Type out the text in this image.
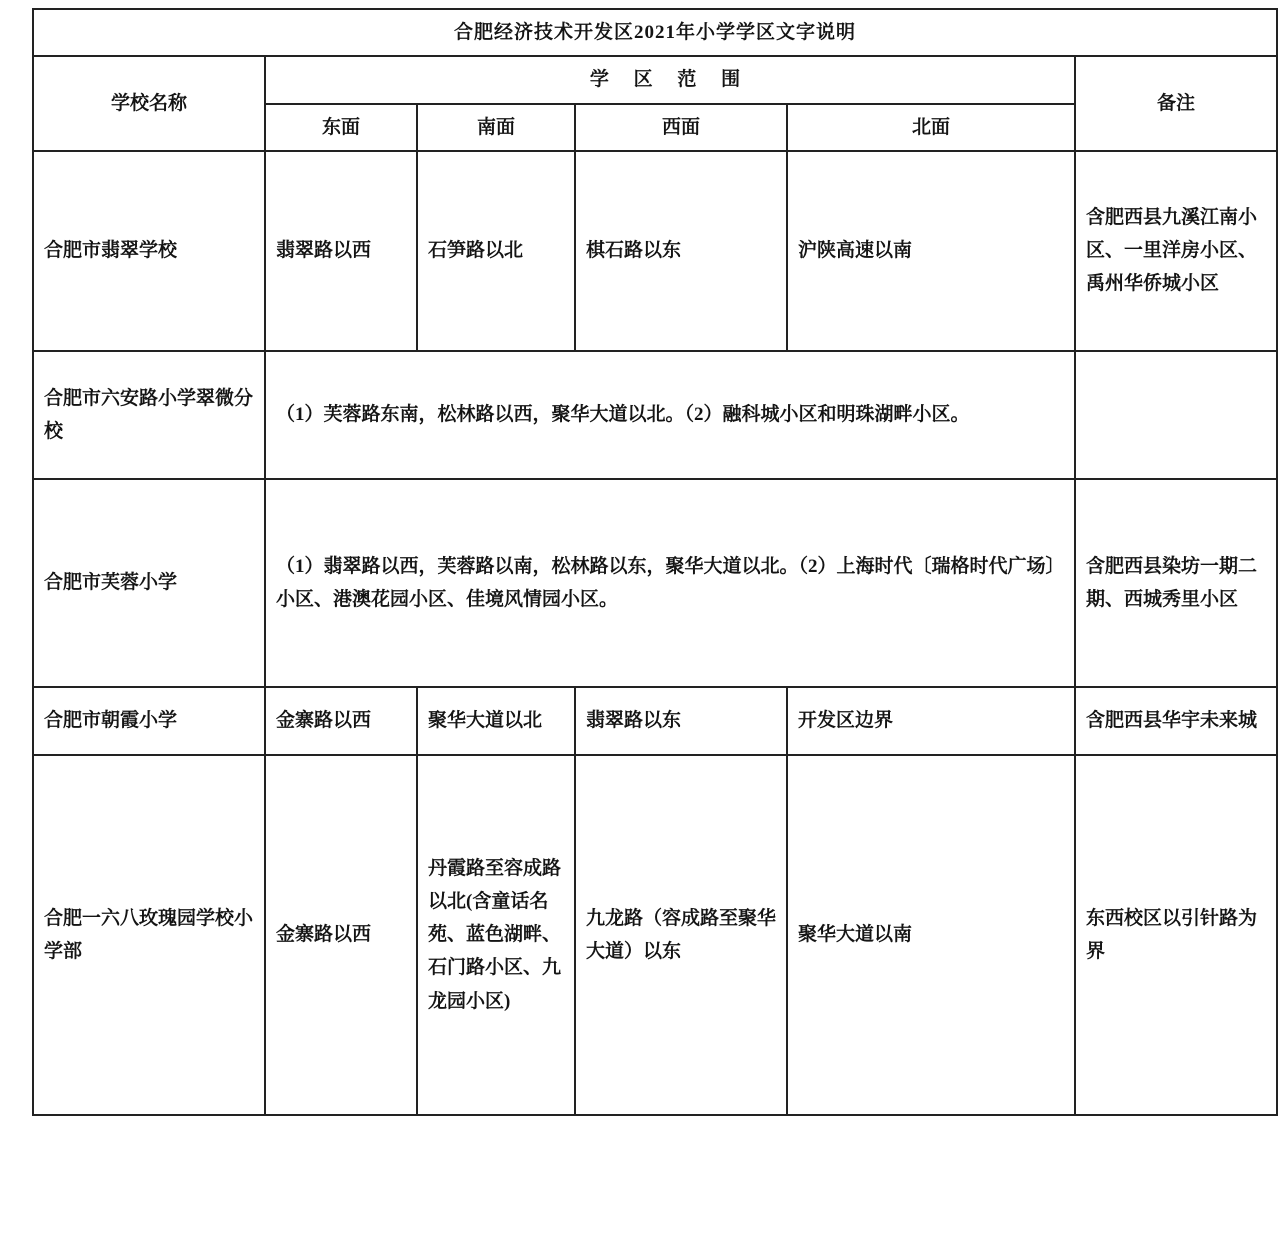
合肥经济技术开发区2021年小学学区文字说明					
学校名称	学 区 范 围				备注
	东面	南面	西面	北面	
合肥市翡翠学校	翡翠路以西	石笋路以北	棋石路以东	沪陕高速以南	含肥西县九溪江南小区、一里洋房小区、禹州华侨城小区
合肥市六安路小学翠微分校	（1）芙蓉路东南，松林路以西，聚华大道以北。（2）融科城小区和明珠湖畔小区。				
合肥市芙蓉小学	（1）翡翠路以西，芙蓉路以南，松林路以东，聚华大道以北。（2）上海时代〔瑞格时代广场〕小区、港澳花园小区、佳境风情园小区。				含肥西县染坊一期二期、西城秀里小区
合肥市朝霞小学	金寨路以西	聚华大道以北	翡翠路以东	开发区边界	含肥西县华宇未来城
合肥一六八玫瑰园学校小学部	金寨路以西	丹霞路至容成路以北(含童话名苑、蓝色湖畔、石门路小区、九龙园小区)	九龙路（容成路至聚华大道）以东	聚华大道以南	东西校区以引针路为界
